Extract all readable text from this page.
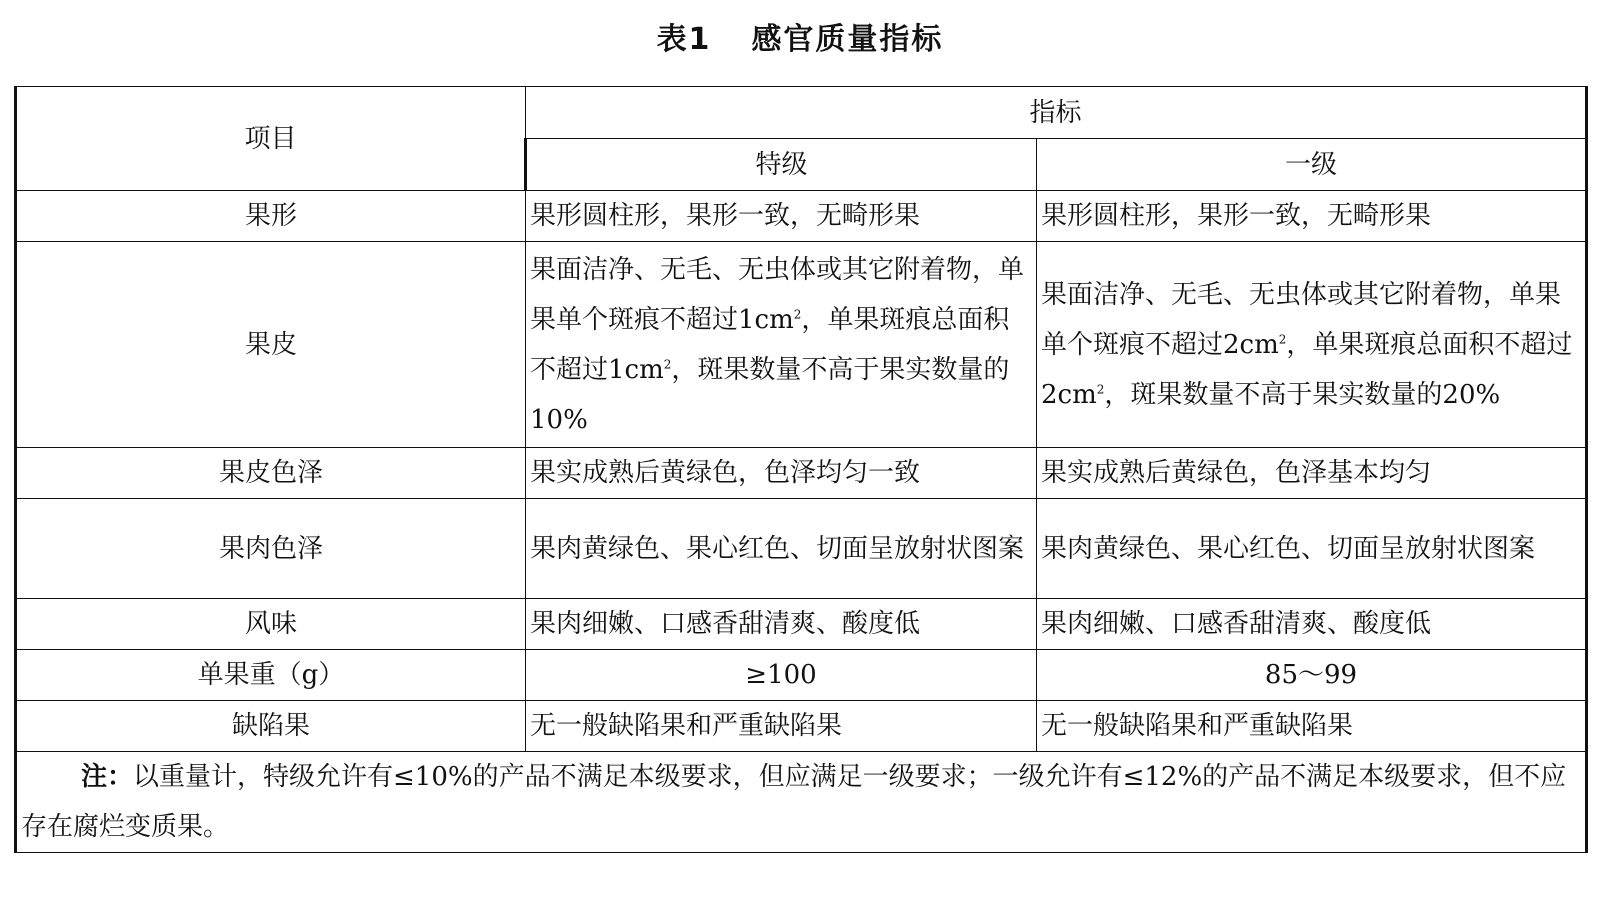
表1 感官质量指标
项目	指标	
	特级	一级
果形	果形圆柱形，果形一致，无畸形果	果形圆柱形，果形一致，无畸形果
果皮	果面洁净、无毛、无虫体或其它附着物，单果单个斑痕不超过$1cm^2$，单果斑痕总面积不超过$1cm^2$，斑果数量不高于果实数量的10%	果面洁净、无毛、无虫体或其它附着物，单果单个斑痕不超过$2cm^2$，单果斑痕总面积不超过$2cm^2$，斑果数量不高于果实数量的20%
果皮色泽	果实成熟后黄绿色，色泽均匀一致	果实成熟后黄绿色，色泽基本均匀
果肉色泽	果肉黄绿色、果心红色、切面呈放射状图案	果肉黄绿色、果心红色、切面呈放射状图案
风味	果肉细嫩、口感香甜清爽、酸度低	果肉细嫩、口感香甜清爽、酸度低
单果重（g）	≥100	85～99
缺陷果	无一般缺陷果和严重缺陷果	无一般缺陷果和严重缺陷果
注：以重量计，特级允许有≤10%的产品不满足本级要求，但应满足一级要求；一级允许有≤12%的产品不满足本级要求，但不应存在腐烂变质果。		
